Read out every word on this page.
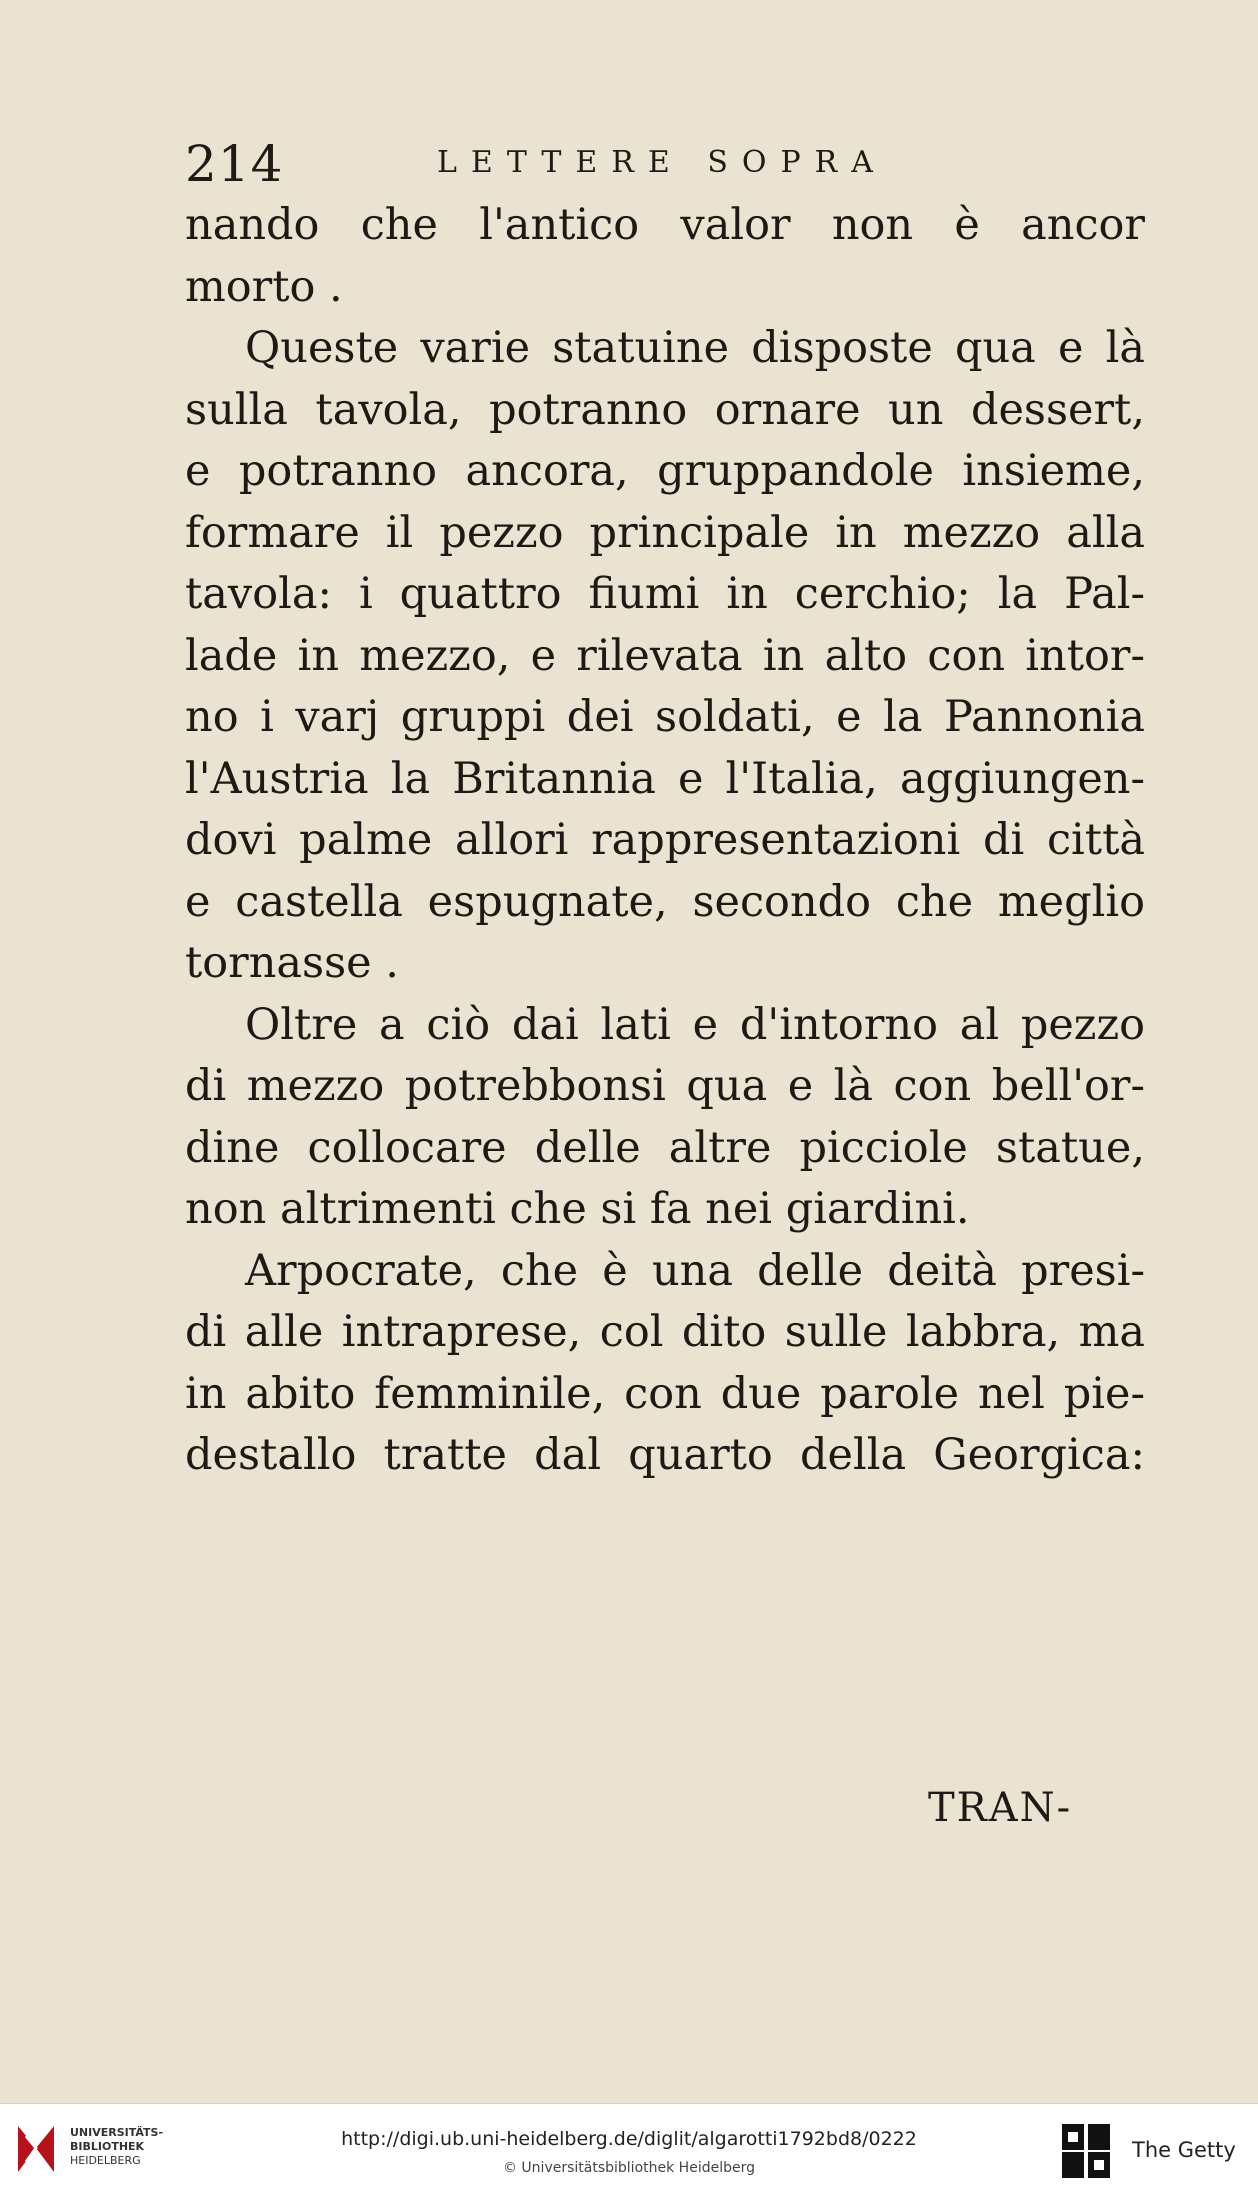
214	LETTERE SOPRA
nando che l'antico valor non è ancor
morto .
Queste varie statuine disposte qua e là
sulla tavola, potranno ornare un dessert,
e potranno ancora, gruppandole insieme,
formare il pezzo principale in mezzo alla
tavola: i quattro fiumi in cerchio; la Pal-
lade in mezzo, e rilevata in alto con intor-
no i varj gruppi dei soldati, e la Pannonia
l'Austria la Britannia e l'Italia, aggiungen-
dovi palme allori rappresentazioni di città
e castella espugnate, secondo che meglio
tornasse .
Oltre a ciò dai lati e d'intorno al pezzo
di mezzo potrebbonsi qua e là con bell'or-
dine collocare delle altre picciole statue,
non altrimenti che si fa nei giardini.
Arpocrate, che è una delle deità presi-
di alle intraprese, col dito sulle labbra, ma
in abito femminile, con due parole nel pie-
destallo tratte dal quarto della Georgica:
TRAN-
UNIVERSITÄTS-
BIBLIOTHEK
HEIDELBERG
http://digi.ub.uni-heidelberg.de/diglit/algarotti1792bd8/0222
© Universitätsbibliothek Heidelberg
The Getty
